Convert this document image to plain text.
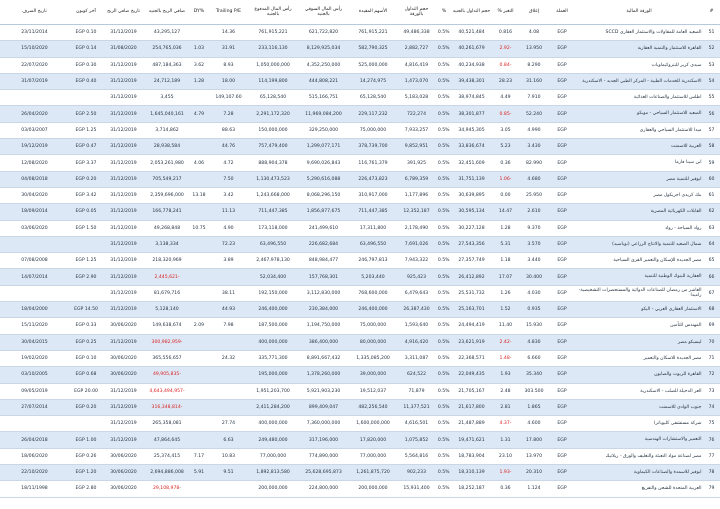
#	الورقة المالية	العملة	إغلاق	التغير %	حجم التداول بالجنيه	%	حجم التداول بالورقة	الأسهم المقيدة	رأس المال السوقي بالجنيه	رأس المال المدفوع بالجنيه	Trailing P/E	%DY	صافي الربح بالجنيه	تاريخ صافي الربح	آخر كوبون	تاريخ الصرف
51	الصعيد العامة للمقاولات والاستثمار العقاري SCCD	EGP	4.08	0.816	40,521,484	0.5%	49,486,338	761,915,221	621,722,820	761,915,221	14.36		43,295,127	31/12/2019	EGP 0.10	23/11/2014
52	القاهرة للاستثمار والتنمية العقارية	EGP	13.950	-2.92	40,261,679	0.5%	2,882,727	582,790,325	8,129,925,034	233,116,130	31.91	1.03	254,765,036	31/08/2020	EGP 0.14	15/10/2020
53	سيدي كرير للبتروكيماويات	EGP	8.290	-0.84	40,234,938	0.5%	4,816,419	525,000,000	4,352,250,000	1,050,000,000	8.93	3.62	487,184,363	31/12/2019	EGP 0.30	22/07/2020
54	الاسكندرية للخدمات الطبية - المركز الطبي الجديد - الاسكندرية	EGP	31.160	28.23	39,438,301	0.5%	1,473,070	14,274,975	444,808,221	114,199,800	18.00	1.28	24,712,189	31/12/2019	EGP 0.40	31/07/2019
55	اطلس للاستثمار والصناعات الغذائية	EGP	7.910	4.49	38,974,845	0.5%	5,183,028	65,128,540	515,166,751	65,128,540	149,107.60		3,455	31/12/2019		
56	الصعيد للاستثمار السياحي - موبكو	EGP	52.240	-0.85	38,301,877	0.5%	722,274	229,117,232	11,969,084,200	2,291,172,320	7.28	4.79	1,645,040,161	31/12/2019	EGP 2.50	26/04/2020
57	ميدا للاستثمار السياحي والعقاري	EGP	4.990	3.05	34,945,305	0.5%	7,933,257	75,000,000	329,250,000	150,000,000	88.63		3,714,862	31/12/2019	EGP 1.25	03/03/2007
58	العربية للاسمنت	EGP	3.430	5.23	33,836,674	0.5%	9,852,951	378,739,700	1,299,077,171	757,479,400	44.76		28,938,584	31/12/2019	EGP 0.47	19/12/2019
59	ابن سينا فارما	EGP	82.990	0.36	32,451,609	0.5%	391,925	116,761,379	9,690,026,843	888,904,378	4.72	4.06	2,053,261,980	31/12/2019	EGP 3.37	12/08/2020
60	ابوقير للتنمية مصر	EGP	4.680	-1.06	31,751,139	0.5%	6,789,359	226,473,823	5,290,616,088	1,130,473,523	7.50		705,549,217	31/12/2019	EGP 0.20	04/08/2018
61	بنك كريدي اجريكول مصر	EGP	25.950	0.00	30,639,895	0.5%	1,177,896	310,917,000	8,068,296,150	1,243,668,000	3.42	13.18	2,359,696,000	31/12/2019	EGP 3.42	30/04/2020
62	القابلات الكهربائية المصرية	EGP	2.610	14.47	30,595,134	0.5%	12,352,187	711,447,385	1,856,877,675	711,447,385	11.13		166,778,241	31/12/2019	EGP 0.05	18/09/2014
63	رواد السياحة - رواد	EGP	9.370	1.28	30,227,128	0.5%	2,178,490	17,311,800	241,499,610	173,118,000	4.90	10.75	49,268,848	31/12/2019	EGP 1.50	03/06/2020
64	شمال الصعيد للتنمية والانتاج الزراعي (نوباسيد)	EGP	3.570	5.31	27,543,356	0.5%	7,691,026	63,496,550	226,682,684	63,496,550	72.23		3,138,334	31/12/2019		
65	مصر الجديدة للإسكان والتعمير القرى السياحية	EGP	3.440	1.18	27,357,749	0.5%	7,943,322	246,797,813	848,984,477	2,467,978,130	3.89		218,320,969	31/12/2019	EGP 1.25	07/08/2008
66	العقارية للبنوك الوطنية للتنمية	EGP	30.400	17.07	26,412,892	0.5%	925,423	5,203,440	157,768,301	52,034,400			-2,445,621	31/12/2019	EGP 2.90	14/07/2014
67	العاشر من رمضان للصناعات الدوائية والمستحضرات التشخيصية-راميدا	EGP	4.030	1.26	25,531,732	0.5%	6,479,643	768,600,000	3,112,830,000	192,150,000	38.11		81,679,716	31/12/2019		
68	الاستثمار العقاري العربي - اليكو	EGP	0.935	1.52	25,163,701	0.5%	26,387,430	246,400,000	230,384,000	246,400,000	44.93		5,128,140	31/12/2019	EGP 14.50	18/04/2000
69	المهندس للتأمين	EGP	15.930	11.40	24,494,419	0.5%	1,593,640	75,000,000	1,194,750,000	187,500,000	7.98	2.09	149,638,674	30/06/2020	EGP 0.33	15/11/2020
70	ليسيكو مصر	EGP	4.830	-2.42	23,621,919	0.5%	4,916,420	80,000,000	386,400,000	400,000,000			-300,982,959	31/12/2019	EGP 0.25	30/04/2015
71	مصر الجديدة للاسكان والتعمير	EGP	6.660	-1.48	22,368,571	0.5%	3,311,087	1,335,085,200	8,891,667,432	335,771,300	24.32		365,556,657	30/06/2020	EGP 0.10	19/02/2020
72	القاهرة للزيوت والصابون	EGP	35.340	1.93	22,049,435	0.5%	624,522	39,000,000	1,378,260,000	195,000,000			-49,905,835	30/06/2020	EGP 0.68	03/10/2005
73	العز الدخيلة للصلب - الاسكندرية	EGP	303.500	2.48	21,705,167	0.5%	71,879	19,512,037	5,921,903,230	1,951,203,700			-4,643,494,957	31/12/2019	EGP 20.00	09/05/2019
74	جنوب الوادي للاسمنت	EGP	1.865	2.81	21,617,800	0.5%	11,377,521	482,256,540	899,409,047	2,411,284,200			-316,348,814	31/12/2019	EGP 0.20	27/07/2014
75	شركة مستشفى كليوباترا	EGP	4.600	-4.37	21,487,889	0.5%	4,616,501	1,600,000,000	7,360,000,000	400,000,000	27.74		265,358,081	31/12/2019		
76	التعمير والاستشارات الهندسية	EGP	17.800	1.31	19,471,621	0.5%	1,075,852	17,820,000	317,196,000	249,480,000	6.63		47,864,645	31/12/2019	EGP 1.00	26/04/2018
77	مصر لصناعة مواد التعبئة والتغليف والورق - ريلاتيك	EGP	13.970	23.10	18,783,904	0.5%	5,564,816	77,000,000	774,890,000	77,000,000	10.83	7.17	25,374,415	30/06/2020	EGP 0.26	18/06/2020
78	ابوقير للاسمدة والصناعات الكيماوية	EGP	20.310	-1.93	18,310,139	0.5%	902,233	1,261,875,720	25,628,695,873	1,892,813,580	9.51	5.91	2,694,886,008	30/06/2020	EGP 1.20	22/10/2020
79	العربية المتحدة للشحن والتفريغ	EGP	1.124	0.36	18,252,187	0.5%	15,931,400	200,000,000	224,800,000	200,000,000			-29,108,978	30/06/2020	EGP 2.80	18/11/1998
